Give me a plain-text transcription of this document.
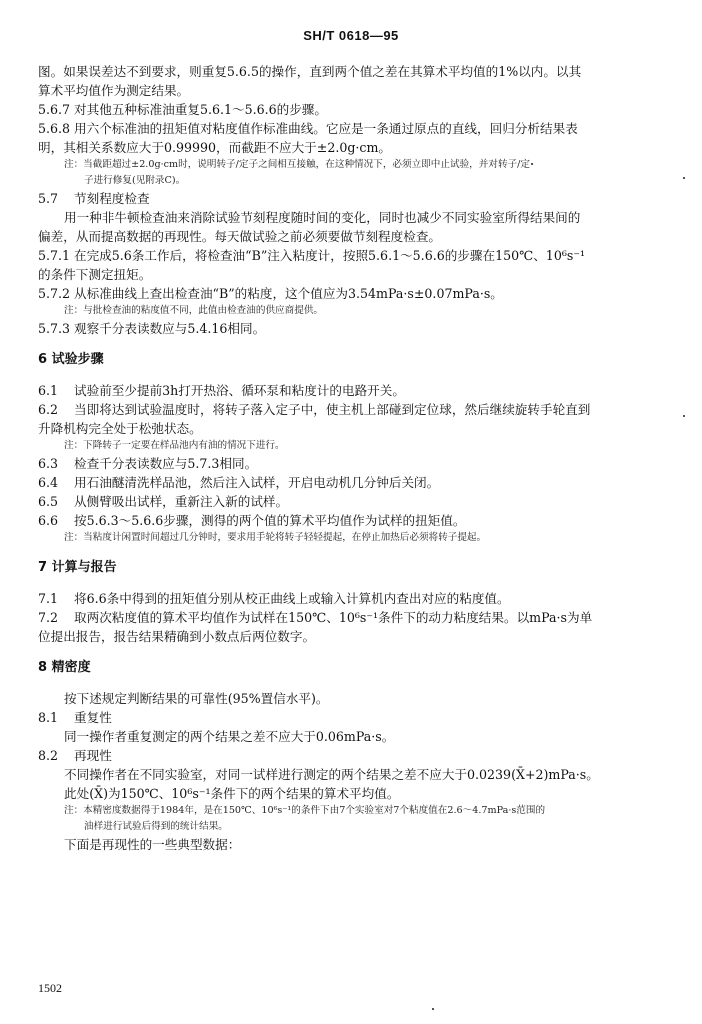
SH/T 0618—95
图。如果误差达不到要求，则重复5.6.5的操作，直到两个值之差在其算术平均值的1%以内。以其
算术平均值作为测定结果。
5.6.7 对其他五种标准油重复5.6.1～5.6.6的步骤。
5.6.8 用六个标准油的扭矩值对粘度值作标准曲线。它应是一条通过原点的直线，回归分析结果表
明，其相关系数应大于0.99990，而截距不应大于±2.0g·cm。
注：当截距超过±2.0g·cm时，说明转子/定子之间相互接触，在这种情况下，必须立即中止试验，并对转子/定
子进行修复(见附录C)。
5.7 节刻程度检查
用一种非牛顿检查油来消除试验节刻程度随时间的变化，同时也减少不同实验室所得结果间的
偏差，从而提高数据的再现性。每天做试验之前必须要做节刻程度检查。
5.7.1 在完成5.6条工作后，将检查油“B”注入粘度计，按照5.6.1～5.6.6的步骤在150℃、10⁶s⁻¹
的条件下测定扭矩。
5.7.2 从标准曲线上查出检查油“B”的粘度，这个值应为3.54mPa·s±0.07mPa·s。
注：与批检查油的粘度值不同，此值由检查油的供应商提供。
5.7.3 观察千分表读数应与5.4.16相同。
6 试验步骤
6.1 试验前至少提前3h打开热浴、循环泵和粘度计的电路开关。
6.2 当即将达到试验温度时，将转子落入定子中，使主机上部碰到定位球，然后继续旋转手轮直到
升降机构完全处于松弛状态。
注：下降转子一定要在样品池内有油的情况下进行。
6.3 检查千分表读数应与5.7.3相同。
6.4 用石油醚清洗样品池，然后注入试样，开启电动机几分钟后关闭。
6.5 从侧臂吸出试样，重新注入新的试样。
6.6 按5.6.3～5.6.6步骤，测得的两个值的算术平均值作为试样的扭矩值。
注：当粘度计闲置时间超过几分钟时，要求用手轮将转子轻轻提起，在停止加热后必须将转子提起。
7 计算与报告
7.1 将6.6条中得到的扭矩值分别从校正曲线上或输入计算机内查出对应的粘度值。
7.2 取两次粘度值的算术平均值作为试样在150℃、10⁶s⁻¹条件下的动力粘度结果。以mPa·s为单
位提出报告，报告结果精确到小数点后两位数字。
8 精密度
按下述规定判断结果的可靠性(95%置信水平)。
8.1 重复性
同一操作者重复测定的两个结果之差不应大于0.06mPa·s。
8.2 再现性
不同操作者在不同实验室，对同一试样进行测定的两个结果之差不应大于0.0239(X̄+2)mPa·s。
此处(X̄)为150℃、10⁶s⁻¹条件下的两个结果的算术平均值。
注：本精密度数据得于1984年，是在150℃、10⁶s⁻¹的条件下由7个实验室对7个粘度值在2.6～4.7mPa·s范围的
油样进行试验后得到的统计结果。
下面是再现性的一些典型数据：
1502
